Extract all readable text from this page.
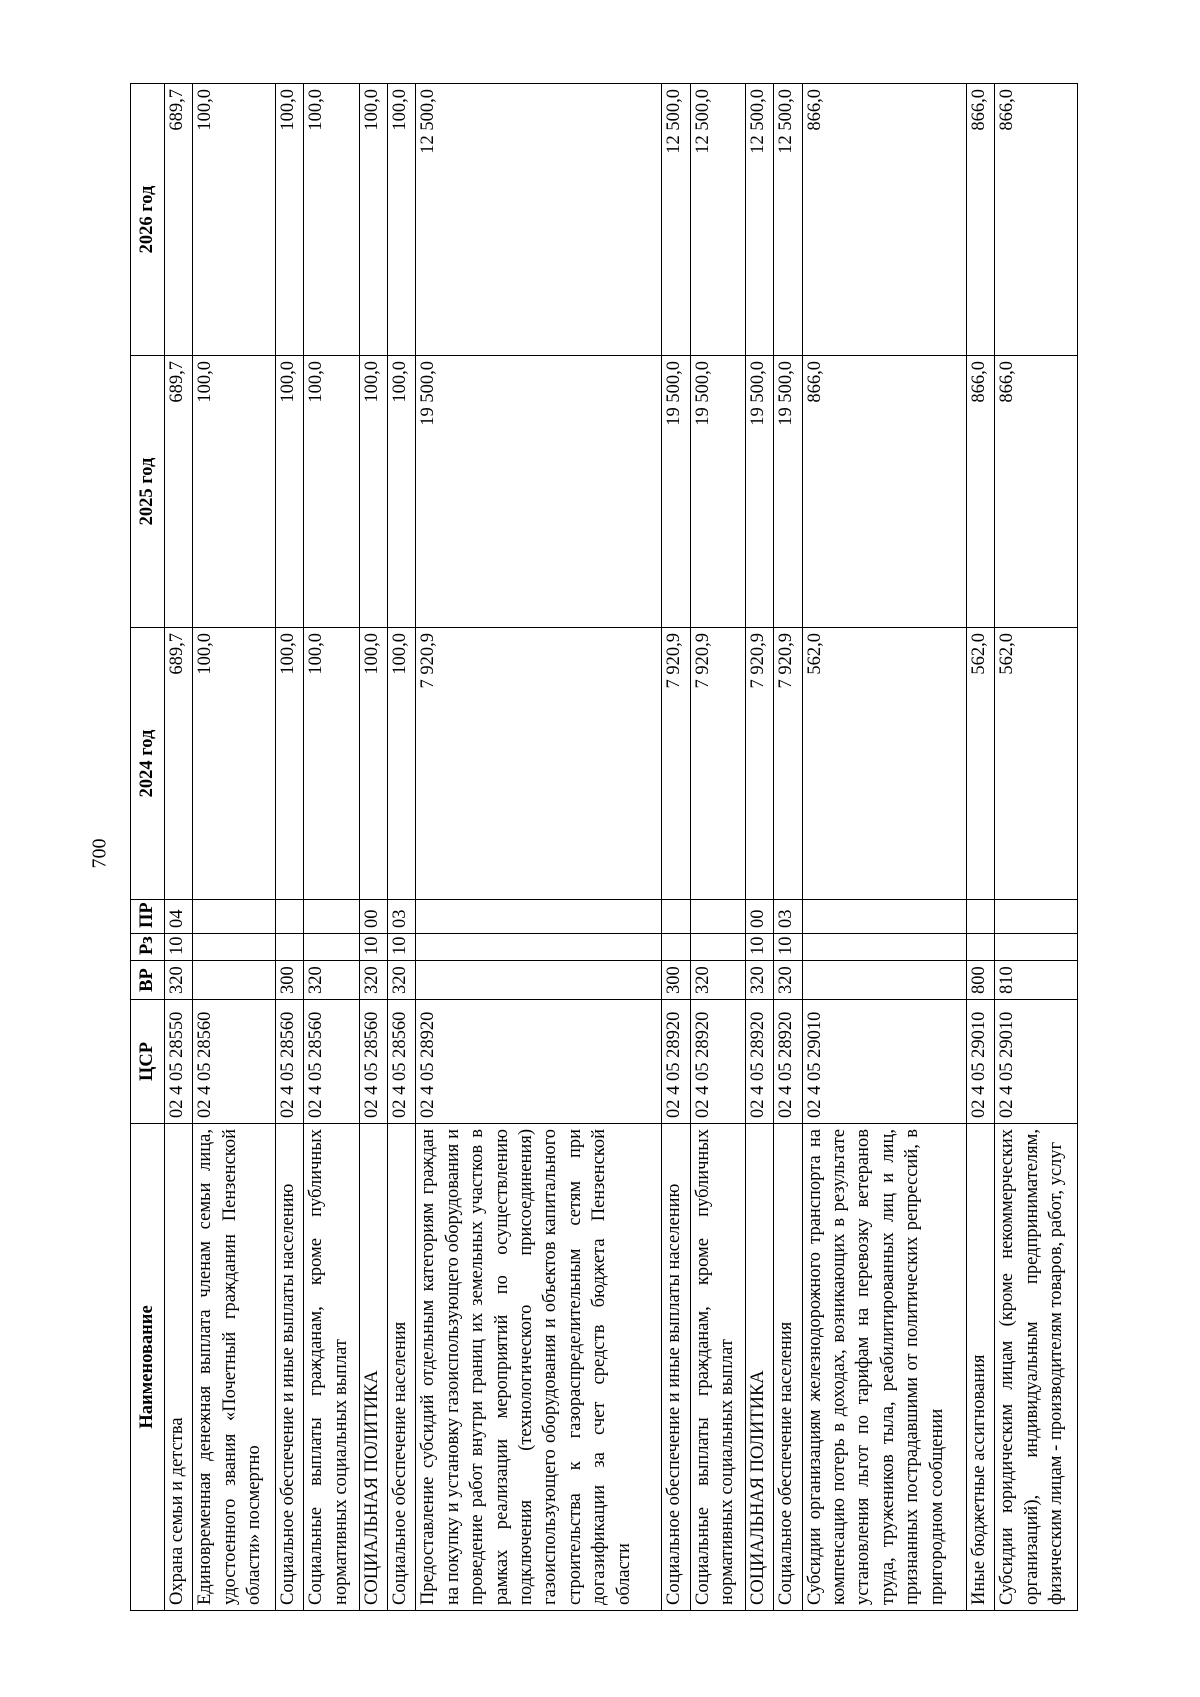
700
Наименование	ЦСР	ВР	Рз	ПР	2024 год	2025 год	2026 год
Охрана семьи и детства	02 4 05 28550	320	10	04	689,7	689,7	689,7
Единовременная денежная выплата членам семьи лица, удостоенного звания «Почетный гражданин Пензенской области» посмертно	02 4 05 28560				100,0	100,0	100,0
Социальное обеспечение и иные выплаты населению	02 4 05 28560	300			100,0	100,0	100,0
Социальные выплаты гражданам, кроме публичных нормативных социальных выплат	02 4 05 28560	320			100,0	100,0	100,0
СОЦИАЛЬНАЯ ПОЛИТИКА	02 4 05 28560	320	10	00	100,0	100,0	100,0
Социальное обеспечение населения	02 4 05 28560	320	10	03	100,0	100,0	100,0
Предоставление субсидий отдельным категориям граждан на покупку и установку газоиспользующего оборудования и проведение работ внутри границ их земельных участков в рамках реализации мероприятий по осуществлению подключения (технологического присоединения) газоиспользующего оборудования и объектов капитального строительства к газораспределительным сетям при догазификации за счет средств бюджета Пензенской области	02 4 05 28920				7 920,9	19 500,0	12 500,0
Социальное обеспечение и иные выплаты населению	02 4 05 28920	300			7 920,9	19 500,0	12 500,0
Социальные выплаты гражданам, кроме публичных нормативных социальных выплат	02 4 05 28920	320			7 920,9	19 500,0	12 500,0
СОЦИАЛЬНАЯ ПОЛИТИКА	02 4 05 28920	320	10	00	7 920,9	19 500,0	12 500,0
Социальное обеспечение населения	02 4 05 28920	320	10	03	7 920,9	19 500,0	12 500,0
Субсидии организациям железнодорожного транспорта на компенсацию потерь в доходах, возникающих в результате установления льгот по тарифам на перевозку ветеранов труда, тружеников тыла, реабилитированных лиц и лиц, признанных пострадавшими от политических репрессий, в пригородном сообщении	02 4 05 29010				562,0	866,0	866,0
Иные бюджетные ассигнования	02 4 05 29010	800			562,0	866,0	866,0
Субсидии юридическим лицам (кроме некоммерческих организаций), индивидуальным предпринимателям, физическим лицам - производителям товаров, работ, услуг	02 4 05 29010	810			562,0	866,0	866,0
